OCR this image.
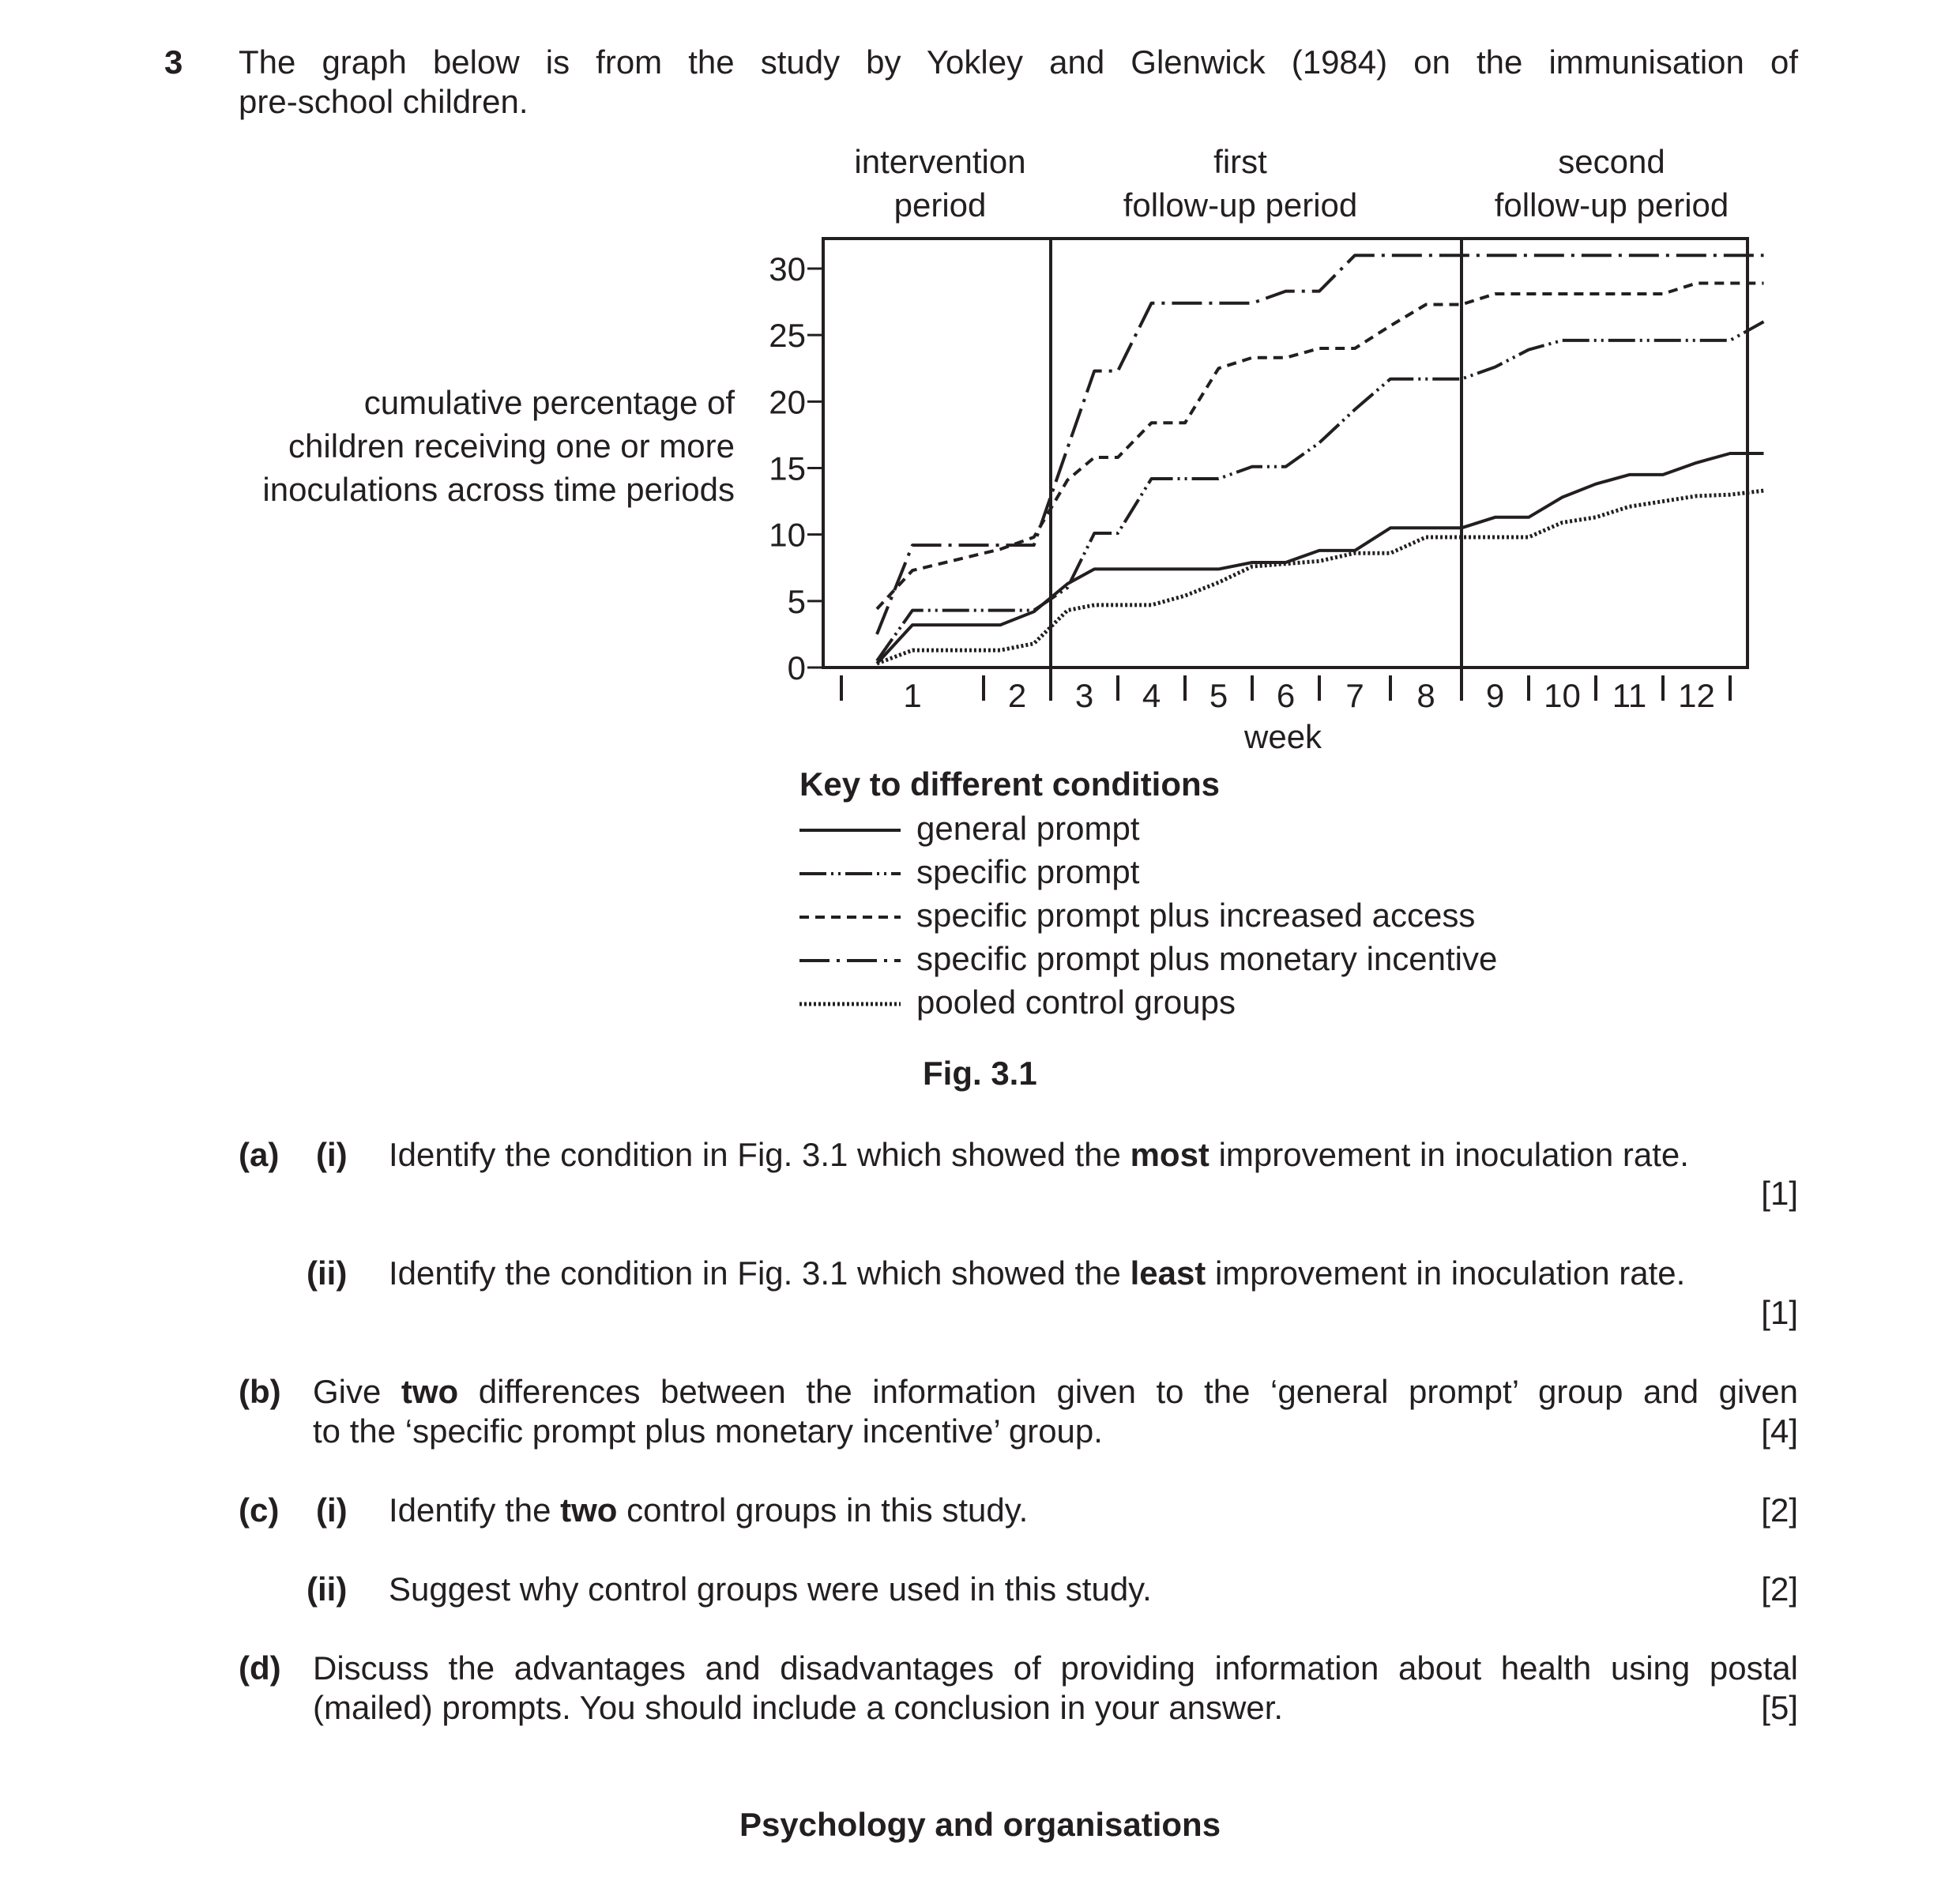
3 The graph below is from the study by Yokley and Glenwick (1984) on the immunisation of
pre-school children.
intervention
period
first
follow-up period
second
follow-up period
cumulative percentage of
children receiving one or more
inoculations across time periods
0
5
10
15
20
25
30
1	2 3 4 5 6 7 8 9 10 11 12
week
Key to different conditions
general prompt
specific prompt
specific prompt plus increased access
specific prompt plus monetary incentive
pooled control groups
Fig. 3.1
(a) (i) Identify the condition in Fig. 3.1 which showed the most improvement in inoculation rate.
[1]
(ii) Identify the condition in Fig. 3.1 which showed the least improvement in inoculation rate.
[1]
(b) Give two differences between the information given to the ‘general prompt’ group and given
to the ‘specific prompt plus monetary incentive’ group.	[4]
(c) (i) Identify the two control groups in this study.	[2]
(ii) Suggest why control groups were used in this study.	[2]
(d) Discuss the advantages and disadvantages of providing information about health using postal
(mailed) prompts. You should include a conclusion in your answer.	[5]
Psychology and organisations
